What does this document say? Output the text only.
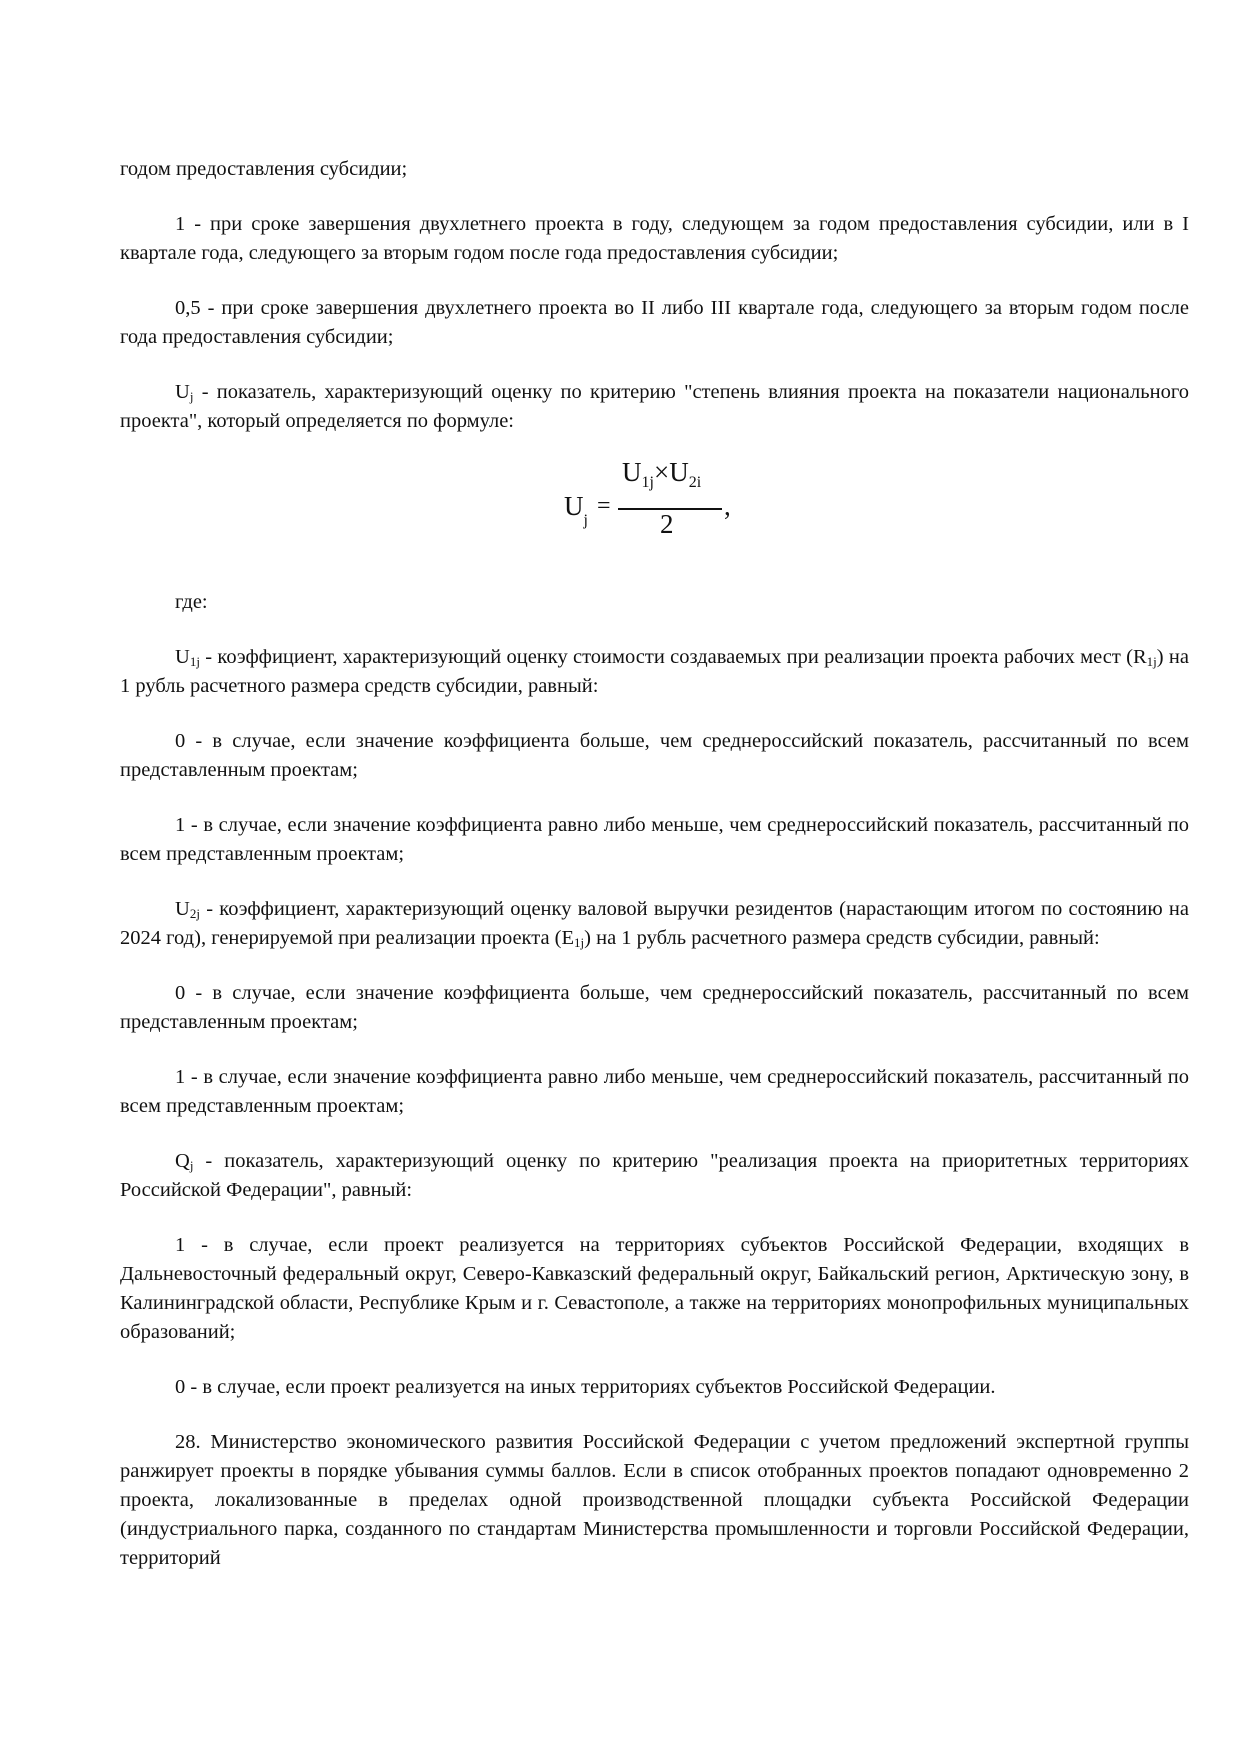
годом предоставления субсидии;

1 - при сроке завершения двухлетнего проекта в году, следующем за годом предоставления субсидии, или в I квартале года, следующего за вторым годом после года предоставления субсидии;

0,5 - при сроке завершения двухлетнего проекта во II либо III квартале года, следующего за вторым годом после года предоставления субсидии;

$U_j$ - показатель, характеризующий оценку по критерию "степень влияния проекта на показатели национального проекта", который определяется по формуле:

$U_j$
=
$U_{1j}\times U_{2i}$
2
,

где:

$U_{1j}$ - коэффициент, характеризующий оценку стоимости создаваемых при реализации проекта рабочих мест $(R_{1j})$ на 1 рубль расчетного размера средств субсидии, равный:

0 - в случае, если значение коэффициента больше, чем среднероссийский показатель, рассчитанный по всем представленным проектам;

1 - в случае, если значение коэффициента равно либо меньше, чем среднероссийский показатель, рассчитанный по всем представленным проектам;

$U_{2j}$ - коэффициент, характеризующий оценку валовой выручки резидентов (нарастающим итогом по состоянию на 2024 год), генерируемой при реализации проекта $(E_{1j})$ на 1 рубль расчетного размера средств субсидии, равный:

0 - в случае, если значение коэффициента больше, чем среднероссийский показатель, рассчитанный по всем представленным проектам;

1 - в случае, если значение коэффициента равно либо меньше, чем среднероссийский показатель, рассчитанный по всем представленным проектам;

$Q_j$ - показатель, характеризующий оценку по критерию "реализация проекта на приоритетных территориях Российской Федерации", равный:

1 - в случае, если проект реализуется на территориях субъектов Российской Федерации, входящих в Дальневосточный федеральный округ, Северо-Кавказский федеральный округ, Байкальский регион, Арктическую зону, в Калининградской области, Республике Крым и г. Севастополе, а также на территориях монопрофильных муниципальных образований;

0 - в случае, если проект реализуется на иных территориях субъектов Российской Федерации.

28. Министерство экономического развития Российской Федерации с учетом предложений экспертной группы ранжирует проекты в порядке убывания суммы баллов. Если в список отобранных проектов попадают одновременно 2 проекта, локализованные в пределах одной производственной площадки субъекта Российской Федерации (индустриального парка, созданного по стандартам Министерства промышленности и торговли Российской Федерации, территорий
